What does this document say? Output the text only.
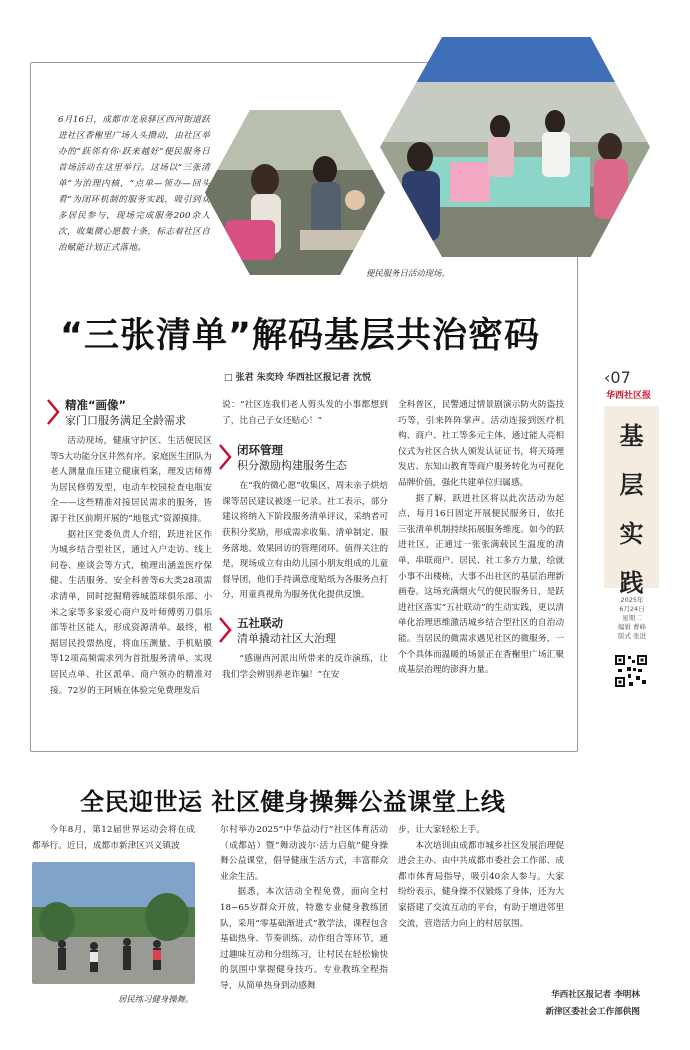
6月16日，成都市龙泉驿区西河街道跃进社区香榭里广场人头攒动，由社区举办的“跃邻有你·跃来越好”便民服务日首场活动在这里举行。这场以“三张清单”为治理内核，“点单—领办—回头看”为闭环机制的服务实践，吸引到众多居民参与，现场完成服务200余人次，收集微心愿数十条，标志着社区自治赋能计划正式落地。
便民服务日活动现场。
“三张清单”解码基层共治密码
□ 张君 朱奕玲 华西社区报记者 沈悦
精准“画像”
家门口服务满足全龄需求

活动现场，健康守护区、生活便民区等5大功能分区井然有序。家庭医生团队为老人测量血压建立健康档案，理发店师傅为居民修剪发型，电动车校园检查电瓶安全——这些精准对接居民需求的服务，皆源于社区前期开展的“地毯式”资源摸排。

据社区党委负责人介绍，跃进社区作为城乡结合型社区，通过入户走访、线上问卷、座谈会等方式，梳理出涵盖医疗保健、生活服务、安全科普等6大类28项需求清单，同时挖掘精蓉城篮球俱乐部、小米之家等多家爱心商户及叶师傅剪刀俱乐部等社区能人，形成资源清单。最终，根据居民投票热度，将血压测量、手机贴膜等12项高频需求列为首批服务清单，实现居民点单、社区派单、商户领办的精准对接。72岁的王阿姨在体验完免费理发后

说：“社区连我们老人剪头发的小事都想到了，比自己子女还贴心！”

闭环管理
积分激励构建服务生态

在“我的微心愿”收集区，周末亲子烘焙课等居民建议被逐一记录。社工表示，部分建议将纳入下阶段服务清单评议，采纳者可获积分奖励，形成需求收集、清单制定、服务落地、效果回访的管理闭环。值得关注的是，现场成立有由幼儿园小朋友组成的儿童督导团，他们手持满意度贴纸为各服务点打分，用童真视角为服务优化提供反馈。

五社联动
清单撬动社区大治理

“感谢西河派出所带来的反诈演练，让我们学会辨别养老诈骗！”在安

全科普区，民警通过情景剧演示防火防盗技巧等，引来阵阵掌声。活动连接到医疗机构、商户、社工等多元主体，通过能人亮相仪式为社区合伙人颁发认证证书，将天琦理发店、东知山教育等商户服务转化为可视化品牌价值，强化共建单位归属感。

据了解，跃进社区将以此次活动为起点，每月16日固定开展便民服务日，依托三张清单机制持续拓展服务维度。如今的跃进社区，正通过一张张满载民生温度的清单，串联商户、居民、社工多方力量，绘就小事不出楼栋，大事不出社区的基层治理新画卷。这场充满烟火气的便民服务日，是跃进社区落实“五社联动”的生动实践，更以清单化治理思维激活城乡结合型社区的自治动能。当居民的微需求遇见社区的微服务，一个个具体而温暖的场景正在香榭里广场汇聚成基层治理的澎湃力量。

‹07
华西社区报
基
层
实
践
2025年
6月24日
星期二
编辑 曹峰
版式 张进
全民迎世运 社区健身操舞公益课堂上线

今年8月，第12届世界运动会将在成都举行。近日，成都市新津区兴义镇波

居民练习健身操舞。

尔村举办2025“中华益动行”社区体育活动（成都站）暨“舞动波尔·活力启航”健身操舞公益课堂，倡导健康生活方式，丰富群众业余生活。

据悉，本次活动全程免费，面向全村18~65岁群众开放，特邀专业健身教练团队，采用“零基础渐进式”教学法，课程包含基础热身、节奏训练、动作组合等环节，通过趣味互动和分组练习，让村民在轻松愉快的氛围中掌握健身技巧。专业教练全程指导，从简单热身到动感舞

步，让大家轻松上手。

本次培训由成都市城乡社区发展治理促进会主办、由中共成都市委社会工作部、成都市体育局指导，吸引40余人参与。大家纷纷表示，健身操不仅锻炼了身体，还为大家搭建了交流互动的平台，有助于增进邻里交流，营造活力向上的村居氛围。

华西社区报记者 李明林
新津区委社会工作部供图
